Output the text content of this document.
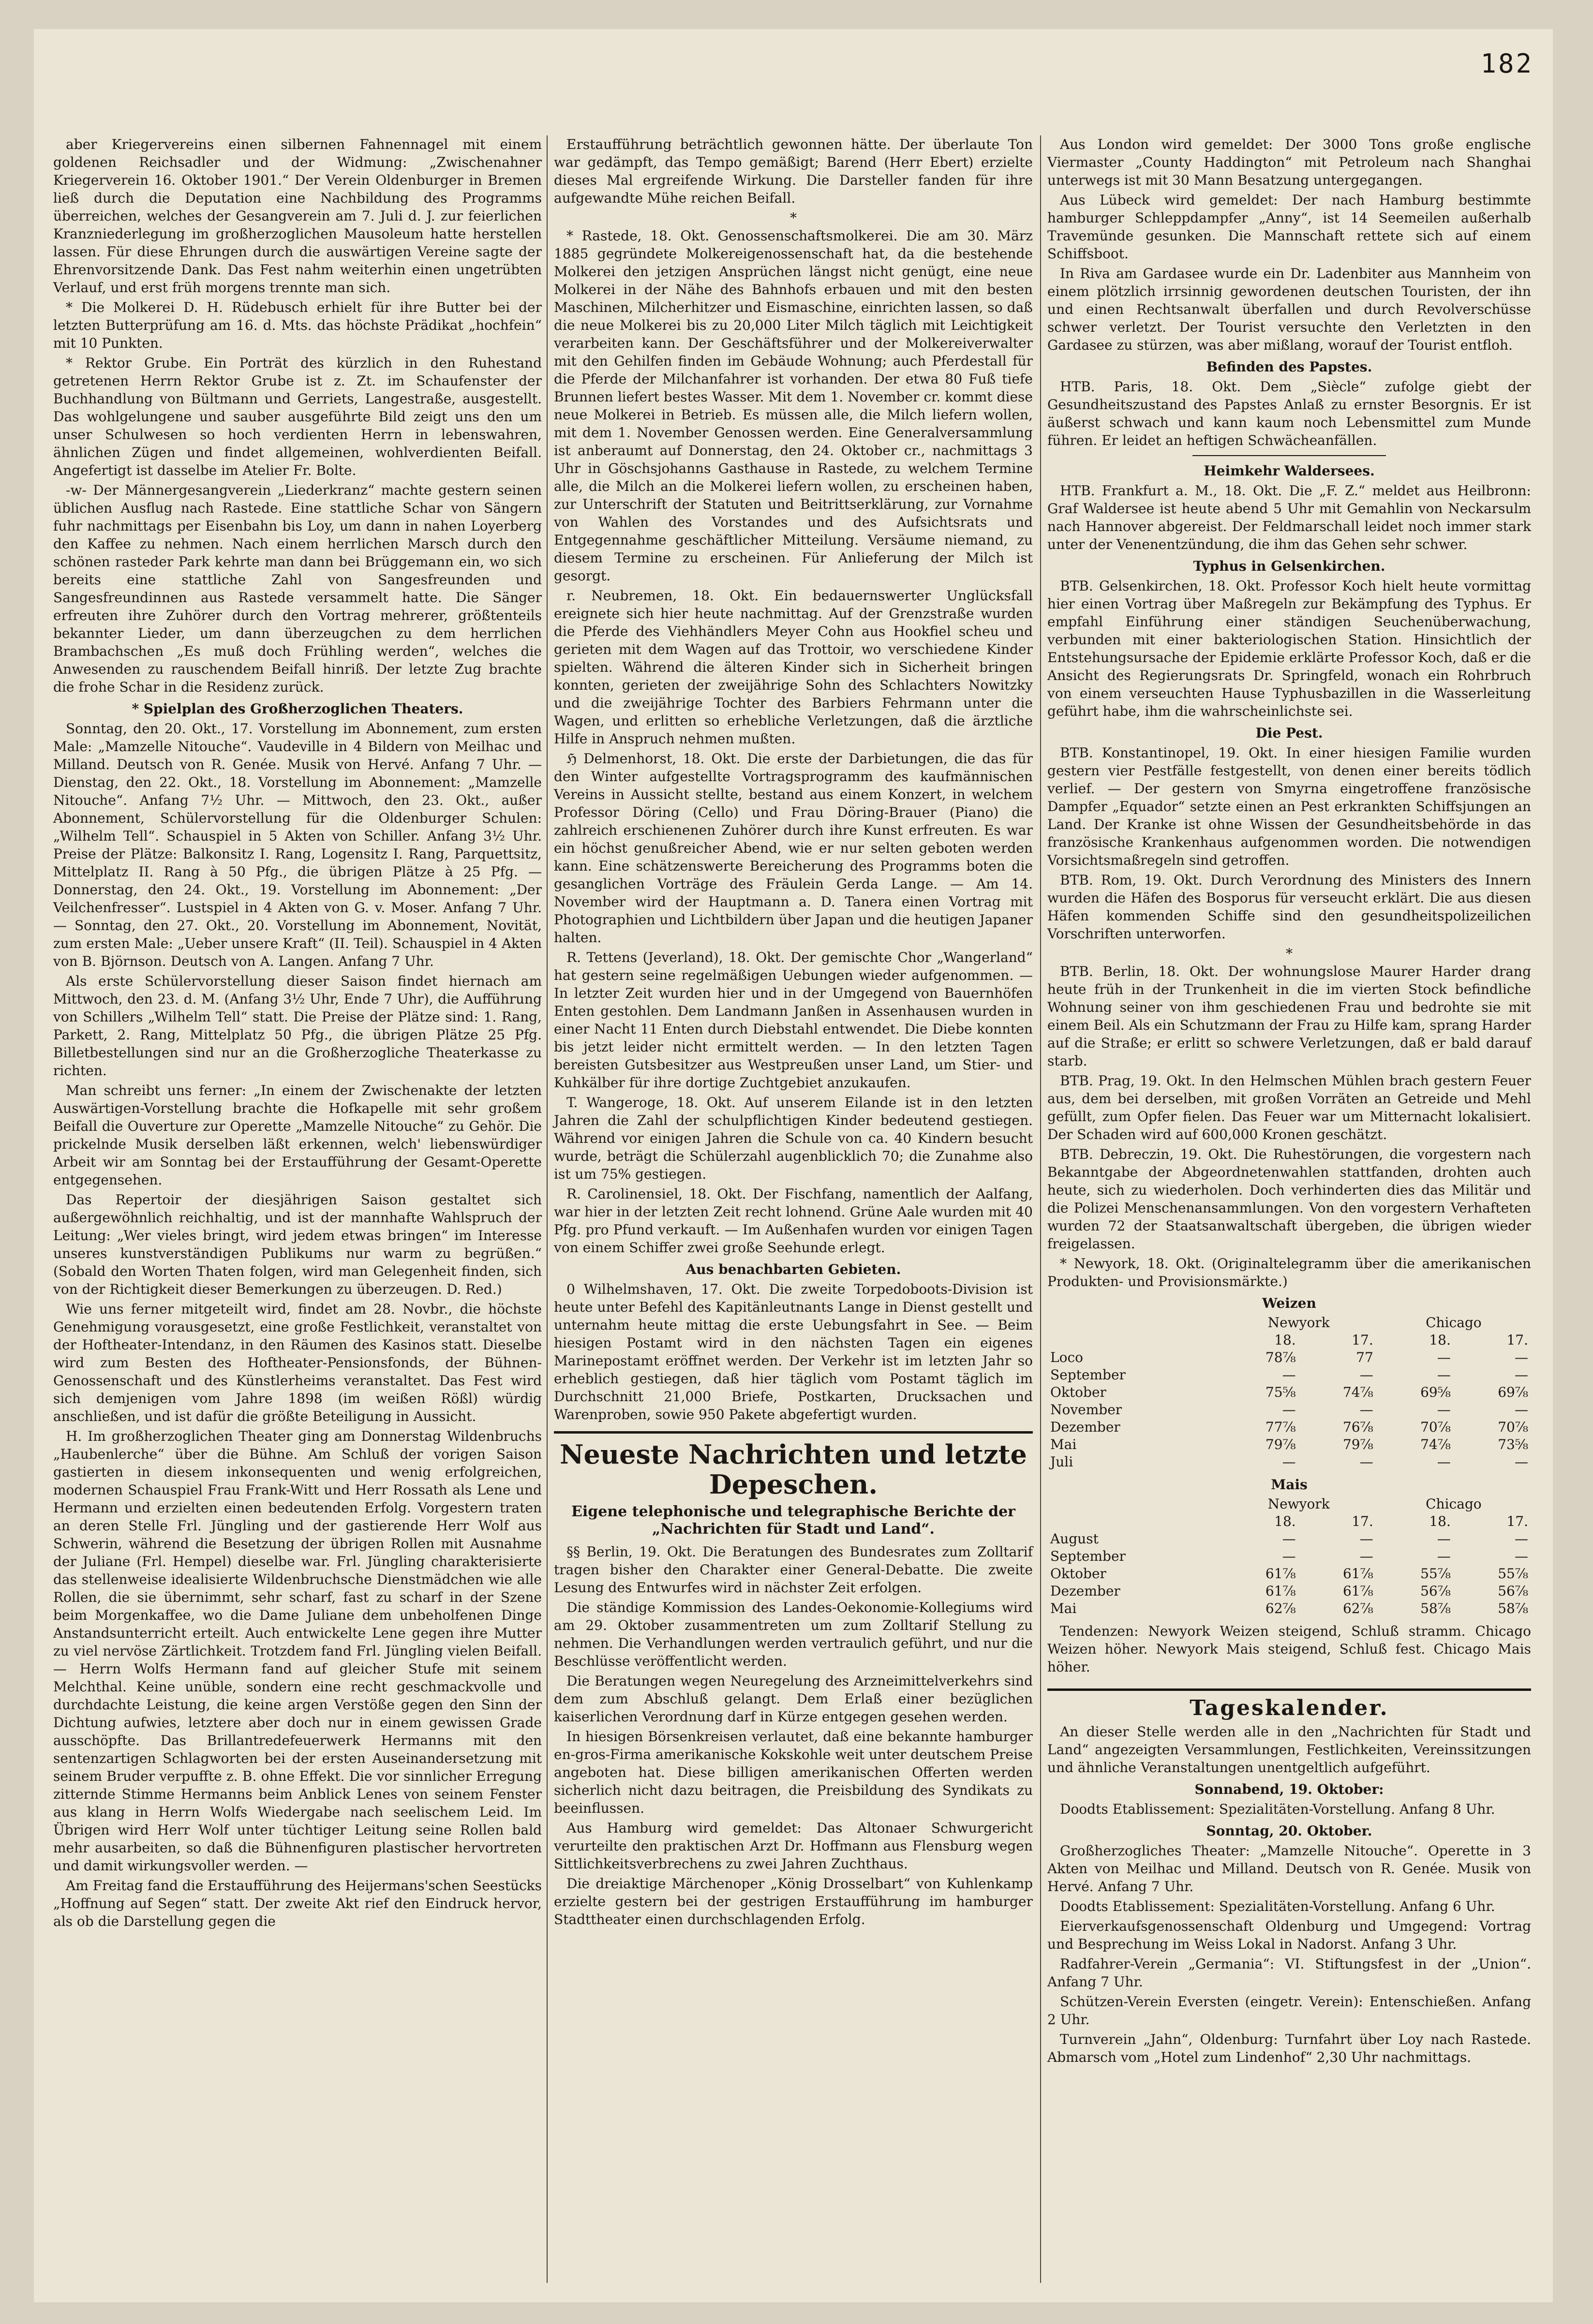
182

aber Kriegervereins einen silbernen Fahnennagel mit einem goldenen Reichsadler und der Widmung: „Zwischenahner Kriegerverein 16. Oktober 1901.“ Der Verein Oldenburger in Bremen ließ durch die Deputation eine Nachbildung des Programms überreichen, welches der Gesangverein am 7. Juli d. J. zur feierlichen Kranzniederlegung im großherzoglichen Mausoleum hatte herstellen lassen. Für diese Ehrungen durch die auswärtigen Vereine sagte der Ehrenvorsitzende Dank. Das Fest nahm weiterhin einen ungetrübten Verlauf, und erst früh morgens trennte man sich.

* Die Molkerei D. H. Rüdebusch erhielt für ihre Butter bei der letzten Butterprüfung am 16. d. Mts. das höchste Prädikat „hochfein“ mit 10 Punkten.

* Rektor Grube. Ein Porträt des kürzlich in den Ruhestand getretenen Herrn Rektor Grube ist z. Zt. im Schaufenster der Buchhandlung von Bültmann und Gerriets, Langestraße, ausgestellt. Das wohlgelungene und sauber ausgeführte Bild zeigt uns den um unser Schulwesen so hoch verdienten Herrn in lebenswahren, ähnlichen Zügen und findet allgemeinen, wohlverdienten Beifall. Angefertigt ist dasselbe im Atelier Fr. Bolte.

-w- Der Männergesangverein „Liederkranz“ machte gestern seinen üblichen Ausflug nach Rastede. Eine stattliche Schar von Sängern fuhr nachmittags per Eisenbahn bis Loy, um dann in nahen Loyerberg den Kaffee zu nehmen. Nach einem herrlichen Marsch durch den schönen rasteder Park kehrte man dann bei Brüggemann ein, wo sich bereits eine stattliche Zahl von Sangesfreunden und Sangesfreundinnen aus Rastede versammelt hatte. Die Sänger erfreuten ihre Zuhörer durch den Vortrag mehrerer, größtenteils bekannter Lieder, um dann überzeugchen zu dem herrlichen Brambachschen „Es muß doch Frühling werden“, welches die Anwesenden zu rauschendem Beifall hinriß. Der letzte Zug brachte die frohe Schar in die Residenz zurück.

* Spielplan des Großherzoglichen Theaters.

Sonntag, den 20. Okt., 17. Vorstellung im Abonnement, zum ersten Male: „Mamzelle Nitouche“. Vaudeville in 4 Bildern von Meilhac und Milland. Deutsch von R. Genée. Musik von Hervé. Anfang 7 Uhr. — Dienstag, den 22. Okt., 18. Vorstellung im Abonnement: „Mamzelle Nitouche“. Anfang 7½ Uhr. — Mittwoch, den 23. Okt., außer Abonnement, Schülervorstellung für die Oldenburger Schulen: „Wilhelm Tell“. Schauspiel in 5 Akten von Schiller. Anfang 3½ Uhr. Preise der Plätze: Balkonsitz I. Rang, Logensitz I. Rang, Parquettsitz, Mittelplatz II. Rang à 50 Pfg., die übrigen Plätze à 25 Pfg. — Donnerstag, den 24. Okt., 19. Vorstellung im Abonnement: „Der Veilchenfresser“. Lustspiel in 4 Akten von G. v. Moser. Anfang 7 Uhr. — Sonntag, den 27. Okt., 20. Vorstellung im Abonnement, Novität, zum ersten Male: „Ueber unsere Kraft“ (II. Teil). Schauspiel in 4 Akten von B. Björnson. Deutsch von A. Langen. Anfang 7 Uhr.

Als erste Schülervorstellung dieser Saison findet hiernach am Mittwoch, den 23. d. M. (Anfang 3½ Uhr, Ende 7 Uhr), die Aufführung von Schillers „Wilhelm Tell“ statt. Die Preise der Plätze sind: 1. Rang, Parkett, 2. Rang, Mittelplatz 50 Pfg., die übrigen Plätze 25 Pfg. Billetbestellungen sind nur an die Großherzogliche Theaterkasse zu richten.

Man schreibt uns ferner: „In einem der Zwischenakte der letzten Auswärtigen-Vorstellung brachte die Hofkapelle mit sehr großem Beifall die Ouverture zur Operette „Mamzelle Nitouche“ zu Gehör. Die prickelnde Musik derselben läßt erkennen, welch' liebenswürdiger Arbeit wir am Sonntag bei der Erstaufführung der Gesamt-Operette entgegensehen.

Das Repertoir der diesjährigen Saison gestaltet sich außergewöhnlich reichhaltig, und ist der mannhafte Wahlspruch der Leitung: „Wer vieles bringt, wird jedem etwas bringen“ im Interesse unseres kunstverständigen Publikums nur warm zu begrüßen.“ (Sobald den Worten Thaten folgen, wird man Gelegenheit finden, sich von der Richtigkeit dieser Bemerkungen zu überzeugen. D. Red.)

Wie uns ferner mitgeteilt wird, findet am 28. Novbr., die höchste Genehmigung vorausgesetzt, eine große Festlichkeit, veranstaltet von der Hoftheater-Intendanz, in den Räumen des Kasinos statt. Dieselbe wird zum Besten des Hoftheater-Pensionsfonds, der Bühnen-Genossenschaft und des Künstlerheims veranstaltet. Das Fest wird sich demjenigen vom Jahre 1898 (im weißen Rößl) würdig anschließen, und ist dafür die größte Beteiligung in Aussicht.

H. Im großherzoglichen Theater ging am Donnerstag Wildenbruchs „Haubenlerche“ über die Bühne. Am Schluß der vorigen Saison gastierten in diesem inkonsequenten und wenig erfolgreichen, modernen Schauspiel Frau Frank-Witt und Herr Rossath als Lene und Hermann und erzielten einen bedeutenden Erfolg. Vorgestern traten an deren Stelle Frl. Jüngling und der gastierende Herr Wolf aus Schwerin, während die Besetzung der übrigen Rollen mit Ausnahme der Juliane (Frl. Hempel) dieselbe war. Frl. Jüngling charakterisierte das stellenweise idealisierte Wildenbruchsche Dienstmädchen wie alle Rollen, die sie übernimmt, sehr scharf, fast zu scharf in der Szene beim Morgenkaffee, wo die Dame Juliane dem unbeholfenen Dinge Anstandsunterricht erteilt. Auch entwickelte Lene gegen ihre Mutter zu viel nervöse Zärtlichkeit. Trotzdem fand Frl. Jüngling vielen Beifall. — Herrn Wolfs Hermann fand auf gleicher Stufe mit seinem Melchthal. Keine unüble, sondern eine recht geschmackvolle und durchdachte Leistung, die keine argen Verstöße gegen den Sinn der Dichtung aufwies, letztere aber doch nur in einem gewissen Grade ausschöpfte. Das Brillantredefeuerwerk Hermanns mit den sentenzartigen Schlagworten bei der ersten Auseinandersetzung mit seinem Bruder verpuffte z. B. ohne Effekt. Die vor sinnlicher Erregung zitternde Stimme Hermanns beim Anblick Lenes von seinem Fenster aus klang in Herrn Wolfs Wiedergabe nach seelischem Leid. Im Übrigen wird Herr Wolf unter tüchtiger Leitung seine Rollen bald mehr ausarbeiten, so daß die Bühnenfiguren plastischer hervortreten und damit wirkungsvoller werden. —

Am Freitag fand die Erstaufführung des Heijermans'schen Seestücks „Hoffnung auf Segen“ statt. Der zweite Akt rief den Eindruck hervor, als ob die Darstellung gegen die

Erstaufführung beträchtlich gewonnen hätte. Der überlaute Ton war gedämpft, das Tempo gemäßigt; Barend (Herr Ebert) erzielte dieses Mal ergreifende Wirkung. Die Darsteller fanden für ihre aufgewandte Mühe reichen Beifall.

*

* Rastede, 18. Okt. Genossenschaftsmolkerei. Die am 30. März 1885 gegründete Molkereigenossenschaft hat, da die bestehende Molkerei den jetzigen Ansprüchen längst nicht genügt, eine neue Molkerei in der Nähe des Bahnhofs erbauen und mit den besten Maschinen, Milcherhitzer und Eismaschine, einrichten lassen, so daß die neue Molkerei bis zu 20,000 Liter Milch täglich mit Leichtigkeit verarbeiten kann. Der Geschäftsführer und der Molkereiverwalter mit den Gehilfen finden im Gebäude Wohnung; auch Pferdestall für die Pferde der Milchanfahrer ist vorhanden. Der etwa 80 Fuß tiefe Brunnen liefert bestes Wasser. Mit dem 1. November cr. kommt diese neue Molkerei in Betrieb. Es müssen alle, die Milch liefern wollen, mit dem 1. November Genossen werden. Eine Generalversammlung ist anberaumt auf Donnerstag, den 24. Oktober cr., nachmittags 3 Uhr in Göschsjohanns Gasthause in Rastede, zu welchem Termine alle, die Milch an die Molkerei liefern wollen, zu erscheinen haben, zur Unterschrift der Statuten und Beitrittserklärung, zur Vornahme von Wahlen des Vorstandes und des Aufsichtsrats und Entgegennahme geschäftlicher Mitteilung. Versäume niemand, zu diesem Termine zu erscheinen. Für Anlieferung der Milch ist gesorgt.

r. Neubremen, 18. Okt. Ein bedauernswerter Unglücksfall ereignete sich hier heute nachmittag. Auf der Grenzstraße wurden die Pferde des Viehhändlers Meyer Cohn aus Hookfiel scheu und gerieten mit dem Wagen auf das Trottoir, wo verschiedene Kinder spielten. Während die älteren Kinder sich in Sicherheit bringen konnten, gerieten der zweijährige Sohn des Schlachters Nowitzky und die zweijährige Tochter des Barbiers Fehrmann unter die Wagen, und erlitten so erhebliche Verletzungen, daß die ärztliche Hilfe in Anspruch nehmen mußten.

ℌ Delmenhorst, 18. Okt. Die erste der Darbietungen, die das für den Winter aufgestellte Vortragsprogramm des kaufmännischen Vereins in Aussicht stellte, bestand aus einem Konzert, in welchem Professor Döring (Cello) und Frau Döring-Brauer (Piano) die zahlreich erschienenen Zuhörer durch ihre Kunst erfreuten. Es war ein höchst genußreicher Abend, wie er nur selten geboten werden kann. Eine schätzenswerte Bereicherung des Programms boten die gesanglichen Vorträge des Fräulein Gerda Lange. — Am 14. November wird der Hauptmann a. D. Tanera einen Vortrag mit Photographien und Lichtbildern über Japan und die heutigen Japaner halten.

R. Tettens (Jeverland), 18. Okt. Der gemischte Chor „Wangerland“ hat gestern seine regelmäßigen Uebungen wieder aufgenommen. — In letzter Zeit wurden hier und in der Umgegend von Bauernhöfen Enten gestohlen. Dem Landmann Janßen in Assenhausen wurden in einer Nacht 11 Enten durch Diebstahl entwendet. Die Diebe konnten bis jetzt leider nicht ermittelt werden. — In den letzten Tagen bereisten Gutsbesitzer aus Westpreußen unser Land, um Stier- und Kuhkälber für ihre dortige Zuchtgebiet anzukaufen.

T. Wangeroge, 18. Okt. Auf unserem Eilande ist in den letzten Jahren die Zahl der schulpflichtigen Kinder bedeutend gestiegen. Während vor einigen Jahren die Schule von ca. 40 Kindern besucht wurde, beträgt die Schülerzahl augenblicklich 70; die Zunahme also ist um 75% gestiegen.

R. Carolinensiel, 18. Okt. Der Fischfang, namentlich der Aalfang, war hier in der letzten Zeit recht lohnend. Grüne Aale wurden mit 40 Pfg. pro Pfund verkauft. — Im Außenhafen wurden vor einigen Tagen von einem Schiffer zwei große Seehunde erlegt.

Aus benachbarten Gebieten.

0 Wilhelmshaven, 17. Okt. Die zweite Torpedoboots-Division ist heute unter Befehl des Kapitänleutnants Lange in Dienst gestellt und unternahm heute mittag die erste Uebungsfahrt in See. — Beim hiesigen Postamt wird in den nächsten Tagen ein eigenes Marinepostamt eröffnet werden. Der Verkehr ist im letzten Jahr so erheblich gestiegen, daß hier täglich vom Postamt täglich im Durchschnitt 21,000 Briefe, Postkarten, Drucksachen und Warenproben, sowie 950 Pakete abgefertigt wurden.

Neueste Nachrichten und letzte Depeschen.
Eigene telephonische und telegraphische Berichte der „Nachrichten für Stadt und Land“.

§§ Berlin, 19. Okt. Die Beratungen des Bundesrates zum Zolltarif tragen bisher den Charakter einer General-Debatte. Die zweite Lesung des Entwurfes wird in nächster Zeit erfolgen.

Die ständige Kommission des Landes-Oekonomie-Kollegiums wird am 29. Oktober zusammentreten um zum Zolltarif Stellung zu nehmen. Die Verhandlungen werden vertraulich geführt, und nur die Beschlüsse veröffentlicht werden.

Die Beratungen wegen Neuregelung des Arzneimittelverkehrs sind dem zum Abschluß gelangt. Dem Erlaß einer bezüglichen kaiserlichen Verordnung darf in Kürze entgegen gesehen werden.

In hiesigen Börsenkreisen verlautet, daß eine bekannte hamburger en-gros-Firma amerikanische Kokskohle weit unter deutschem Preise angeboten hat. Diese billigen amerikanischen Offerten werden sicherlich nicht dazu beitragen, die Preisbildung des Syndikats zu beeinflussen.

Aus Hamburg wird gemeldet: Das Altonaer Schwurgericht verurteilte den praktischen Arzt Dr. Hoffmann aus Flensburg wegen Sittlichkeitsverbrechens zu zwei Jahren Zuchthaus.

Die dreiaktige Märchenoper „König Drosselbart“ von Kuhlenkamp erzielte gestern bei der gestrigen Erstaufführung im hamburger Stadttheater einen durchschlagenden Erfolg.

Aus London wird gemeldet: Der 3000 Tons große englische Viermaster „County Haddington“ mit Petroleum nach Shanghai unterwegs ist mit 30 Mann Besatzung untergegangen.

Aus Lübeck wird gemeldet: Der nach Hamburg bestimmte hamburger Schleppdampfer „Anny“, ist 14 Seemeilen außerhalb Travemünde gesunken. Die Mannschaft rettete sich auf einem Schiffsboot.

In Riva am Gardasee wurde ein Dr. Ladenbiter aus Mannheim von einem plötzlich irrsinnig gewordenen deutschen Touristen, der ihn und einen Rechtsanwalt überfallen und durch Revolverschüsse schwer verletzt. Der Tourist versuchte den Verletzten in den Gardasee zu stürzen, was aber mißlang, worauf der Tourist entfloh.

Befinden des Papstes.

HTB. Paris, 18. Okt. Dem „Siècle“ zufolge giebt der Gesundheitszustand des Papstes Anlaß zu ernster Besorgnis. Er ist äußerst schwach und kann kaum noch Lebensmittel zum Munde führen. Er leidet an heftigen Schwächeanfällen.

Heimkehr Waldersees.

HTB. Frankfurt a. M., 18. Okt. Die „F. Z.“ meldet aus Heilbronn: Graf Waldersee ist heute abend 5 Uhr mit Gemahlin von Neckarsulm nach Hannover abgereist. Der Feldmarschall leidet noch immer stark unter der Venenentzündung, die ihm das Gehen sehr schwer.

Typhus in Gelsenkirchen.

BTB. Gelsenkirchen, 18. Okt. Professor Koch hielt heute vormittag hier einen Vortrag über Maßregeln zur Bekämpfung des Typhus. Er empfahl Einführung einer ständigen Seuchenüberwachung, verbunden mit einer bakteriologischen Station. Hinsichtlich der Entstehungsursache der Epidemie erklärte Professor Koch, daß er die Ansicht des Regierungsrats Dr. Springfeld, wonach ein Rohrbruch von einem verseuchten Hause Typhusbazillen in die Wasserleitung geführt habe, ihm die wahrscheinlichste sei.

Die Pest.

BTB. Konstantinopel, 19. Okt. In einer hiesigen Familie wurden gestern vier Pestfälle festgestellt, von denen einer bereits tödlich verlief. — Der gestern von Smyrna eingetroffene französische Dampfer „Equador“ setzte einen an Pest erkrankten Schiffsjungen an Land. Der Kranke ist ohne Wissen der Gesundheitsbehörde in das französische Krankenhaus aufgenommen worden. Die notwendigen Vorsichtsmaßregeln sind getroffen.

BTB. Rom, 19. Okt. Durch Verordnung des Ministers des Innern wurden die Häfen des Bosporus für verseucht erklärt. Die aus diesen Häfen kommenden Schiffe sind den gesundheitspolizeilichen Vorschriften unterworfen.

*

BTB. Berlin, 18. Okt. Der wohnungslose Maurer Harder drang heute früh in der Trunkenheit in die im vierten Stock befindliche Wohnung seiner von ihm geschiedenen Frau und bedrohte sie mit einem Beil. Als ein Schutzmann der Frau zu Hilfe kam, sprang Harder auf die Straße; er erlitt so schwere Verletzungen, daß er bald darauf starb.

BTB. Prag, 19. Okt. In den Helmschen Mühlen brach gestern Feuer aus, dem bei derselben, mit großen Vorräten an Getreide und Mehl gefüllt, zum Opfer fielen. Das Feuer war um Mitternacht lokalisiert. Der Schaden wird auf 600,000 Kronen geschätzt.

BTB. Debreczin, 19. Okt. Die Ruhestörungen, die vorgestern nach Bekanntgabe der Abgeordnetenwahlen stattfanden, drohten auch heute, sich zu wiederholen. Doch verhinderten dies das Militär und die Polizei Menschenansammlungen. Von den vorgestern Verhafteten wurden 72 der Staatsanwaltschaft übergeben, die übrigen wieder freigelassen.

* Newyork, 18. Okt. (Originaltelegramm über die amerikanischen Produkten- und Provisionsmärkte.)

Weizen
	Newyork		Chicago	
	18.	17.	18.	17.
Loco	78⅞	77	—	—
September	—	—	—	—
Oktober	75⅝	74⅞	69⅝	69⅞
November	—	—	—	—
Dezember	77⅞	76⅞	70⅞	70⅞
Mai	79⅞	79⅞	74⅞	73⅝
Juli	—	—	—	—
Mais
	Newyork		Chicago	
	18.	17.	18.	17.
August	—	—	—	—
September	—	—	—	—
Oktober	61⅞	61⅞	55⅞	55⅞
Dezember	61⅞	61⅞	56⅞	56⅞
Mai	62⅞	62⅞	58⅞	58⅞

Tendenzen: Newyork Weizen steigend, Schluß stramm. Chicago Weizen höher. Newyork Mais steigend, Schluß fest. Chicago Mais höher.

Tageskalender.

An dieser Stelle werden alle in den „Nachrichten für Stadt und Land“ angezeigten Versammlungen, Festlichkeiten, Vereinssitzungen und ähnliche Veranstaltungen unentgeltlich aufgeführt.

Sonnabend, 19. Oktober:

Doodts Etablissement: Spezialitäten-Vorstellung. Anfang 8 Uhr.

Sonntag, 20. Oktober.

Großherzogliches Theater: „Mamzelle Nitouche“. Operette in 3 Akten von Meilhac und Milland. Deutsch von R. Genée. Musik von Hervé. Anfang 7 Uhr.

Doodts Etablissement: Spezialitäten-Vorstellung. Anfang 6 Uhr.

Eierverkaufsgenossenschaft Oldenburg und Umgegend: Vortrag und Besprechung im Weiss Lokal in Nadorst. Anfang 3 Uhr.

Radfahrer-Verein „Germania“: VI. Stiftungsfest in der „Union“. Anfang 7 Uhr.

Schützen-Verein Eversten (eingetr. Verein): Entenschießen. Anfang 2 Uhr.

Turnverein „Jahn“, Oldenburg: Turnfahrt über Loy nach Rastede. Abmarsch vom „Hotel zum Lindenhof“ 2,30 Uhr nachmittags.
